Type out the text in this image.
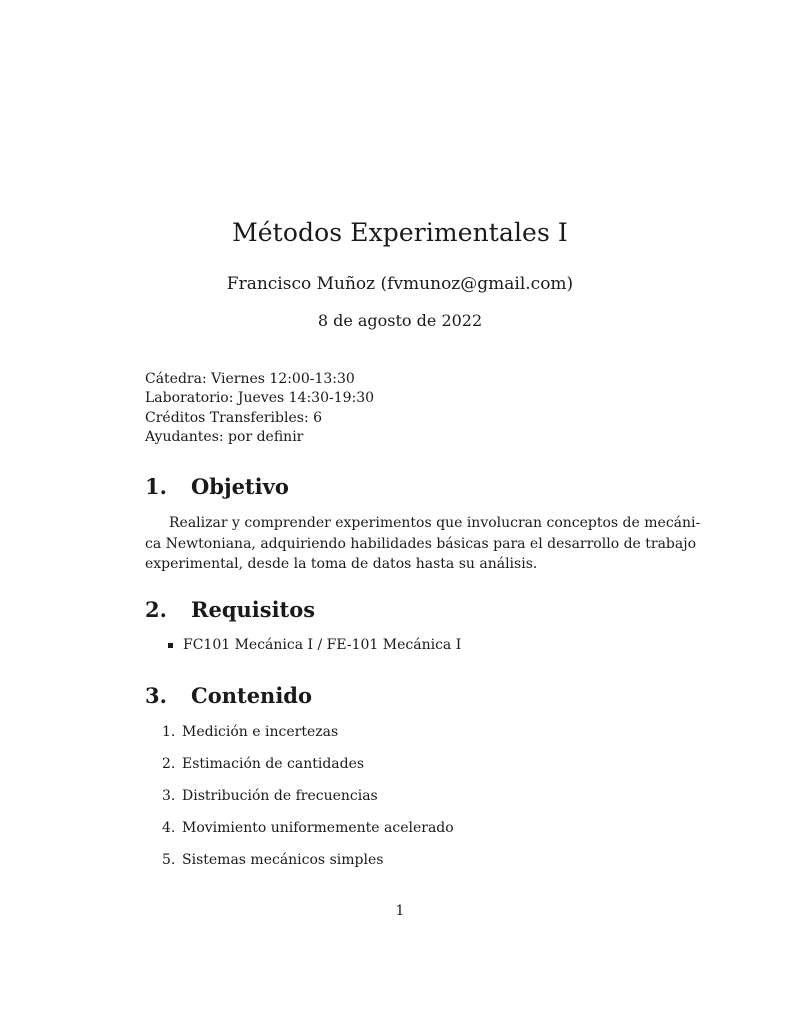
Métodos Experimentales I
Francisco Muñoz (fvmunoz@gmail.com)
8 de agosto de 2022
Cátedra: Viernes 12:00-13:30
Laboratorio: Jueves 14:30-19:30
Créditos Transferibles: 6
Ayudantes: por definir
1. Objetivo
Realizar y comprender experimentos que involucran conceptos de mecáni-
ca Newtoniana, adquiriendo habilidades básicas para el desarrollo de trabajo
experimental, desde la toma de datos hasta su análisis.
2. Requisitos
FC101 Mecánica I / FE-101 Mecánica I
3. Contenido
1. Medición e incertezas
2. Estimación de cantidades
3. Distribución de frecuencias
4. Movimiento uniformemente acelerado
5. Sistemas mecánicos simples
1
